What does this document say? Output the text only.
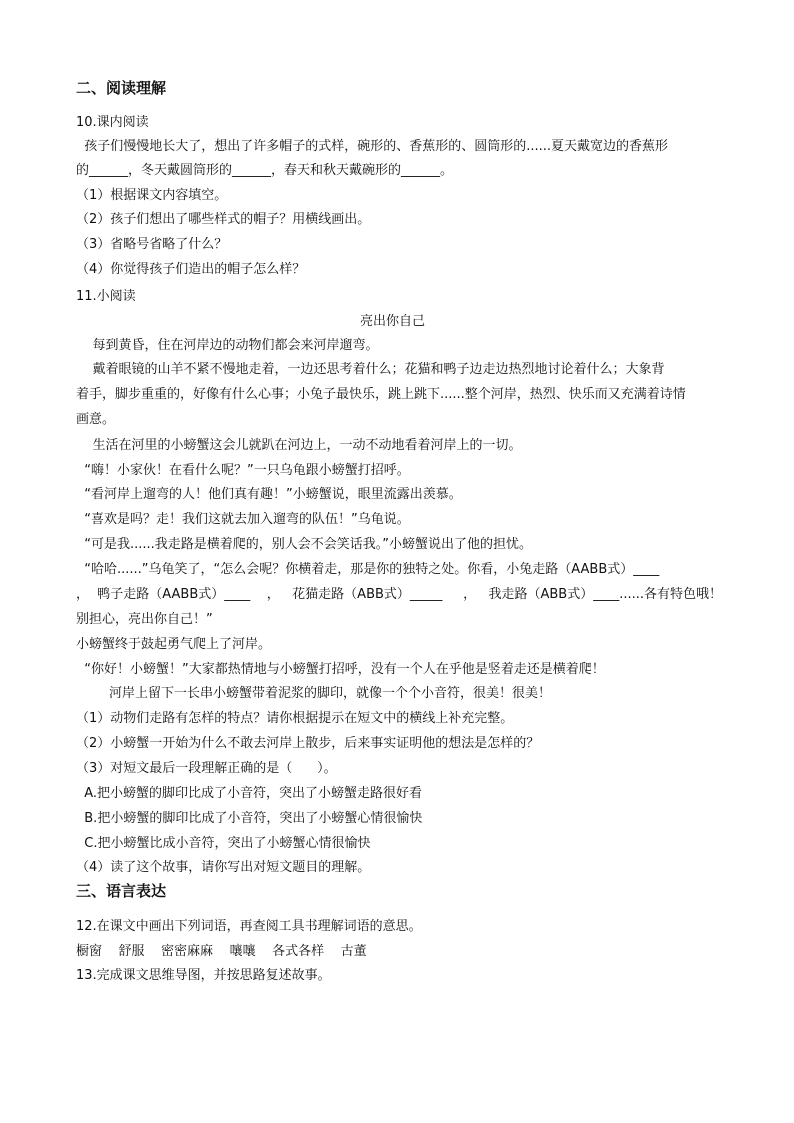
二、阅读理解
10.课内阅读
孩子们慢慢地长大了，想出了许多帽子的式样，碗形的、香蕉形的、圆筒形的......夏天戴宽边的香蕉形
的______，冬天戴圆筒形的______，春天和秋天戴碗形的______。
（1）根据课文内容填空。
（2）孩子们想出了哪些样式的帽子？用横线画出。
（3）省略号省略了什么？
（4）你觉得孩子们造出的帽子怎么样？
11.小阅读
亮出你自己
每到黄昏，住在河岸边的动物们都会来河岸遛弯。
戴着眼镜的山羊不紧不慢地走着，一边还思考着什么；花猫和鸭子边走边热烈地讨论着什么；大象背
着手，脚步重重的，好像有什么心事；小兔子最快乐，跳上跳下......整个河岸，热烈、快乐而又充满着诗情
画意。
生活在河里的小螃蟹这会儿就趴在河边上，一动不动地看着河岸上的一切。
“嗨！小家伙！在看什么呢？”一只乌龟跟小螃蟹打招呼。
“看河岸上遛弯的人！他们真有趣！”小螃蟹说，眼里流露出羡慕。
“喜欢是吗？走！我们这就去加入遛弯的队伍！”乌龟说。
“可是我......我走路是横着爬的，别人会不会笑话我。”小螃蟹说出了他的担忧。
“哈哈......”乌龟笑了，“怎么会呢？你横着走，那是你的独特之处。你看，小兔走路（AABB式）____
，  鸭子走路（AABB式）____    ，   花猫走路（ABB式）_____     ，   我走路（ABB式）____......各有特色哦！
别担心，亮出你自己！”
小螃蟹终于鼓起勇气爬上了河岸。
“你好！小螃蟹！”大家都热情地与小螃蟹打招呼，没有一个人在乎他是竖着走还是横着爬！
河岸上留下一长串小螃蟹带着泥浆的脚印，就像一个个小音符，很美！很美！
（1）动物们走路有怎样的特点？请你根据提示在短文中的横线上补充完整。
（2）小螃蟹一开始为什么不敢去河岸上散步，后来事实证明他的想法是怎样的？
（3）对短文最后一段理解正确的是（      ）。
A.把小螃蟹的脚印比成了小音符，突出了小螃蟹走路很好看
B.把小螃蟹的脚印比成了小音符，突出了小螃蟹心情很愉快
C.把小螃蟹比成小音符，突出了小螃蟹心情很愉快
（4）读了这个故事，请你写出对短文题目的理解。
三、语言表达
12.在课文中画出下列词语，再查阅工具书理解词语的意思。
橱窗    舒服    密密麻麻    嚷嚷    各式各样    古董
13.完成课文思维导图，并按思路复述故事。
